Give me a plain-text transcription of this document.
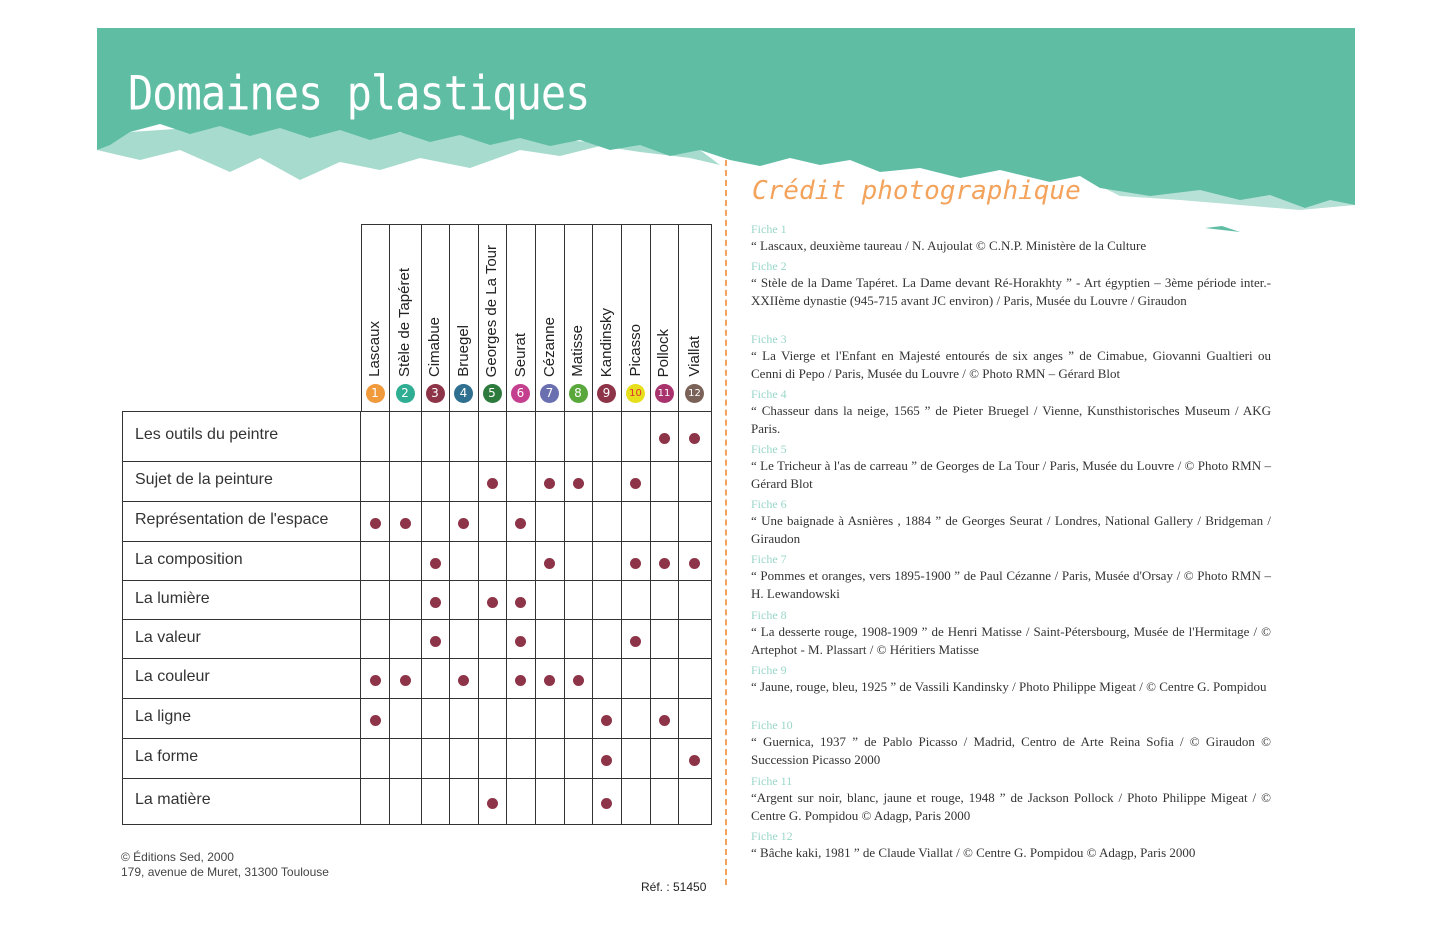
Domaines plastiques
Lascaux
1
Stèle de Tapéret
2
Cimabue
3
Bruegel
4
Georges de La Tour
5
Seurat
6
Cézanne
7
Matisse
8
Kandinsky
9
Picasso
10
Pollock
11
Viallat
12
Les outils du peintre
Sujet de la peinture
Représentation de l'espace
La composition
La lumière
La valeur
La couleur
La ligne
La forme
La matière
© Éditions Sed, 2000
179, avenue de Muret, 31300 Toulouse
Réf. : 51450
Crédit photographique
Fiche 1
“ Lascaux, deuxième taureau / N. Aujoulat © C.N.P. Ministère de la Culture
Fiche 2
“ Stèle de la Dame Tapéret. La Dame devant Ré-Horakhty ” - Art égyptien – 3ème période inter.-XXIIème dynastie (945-715 avant JC environ) / Paris, Musée du Louvre / Giraudon
Fiche 3
“ La Vierge et l'Enfant en Majesté entourés de six anges ” de Cimabue, Giovanni Gualtieri ou Cenni di Pepo / Paris, Musée du Louvre / © Photo RMN – Gérard Blot
Fiche 4
“ Chasseur dans la neige, 1565 ” de Pieter Bruegel / Vienne, Kunsthistorisches Museum / AKG Paris.
Fiche 5
“ Le Tricheur à l'as de carreau ” de Georges de La Tour / Paris, Musée du Louvre / © Photo RMN – Gérard Blot
Fiche 6
“ Une baignade à Asnières , 1884 ” de Georges Seurat / Londres, National Gallery / Bridgeman / Giraudon
Fiche 7
“ Pommes et oranges, vers 1895-1900 ” de Paul Cézanne / Paris, Musée d'Orsay / © Photo RMN – H. Lewandowski
Fiche 8
“ La desserte rouge, 1908-1909 ” de Henri Matisse / Saint-Pétersbourg, Musée de l'Hermitage / © Artephot - M. Plassart / © Héritiers Matisse
Fiche 9
“ Jaune, rouge, bleu, 1925 ” de Vassili Kandinsky / Photo Philippe Migeat / © Centre G. Pompidou
Fiche 10
“ Guernica, 1937 ” de Pablo Picasso / Madrid, Centro de Arte Reina Sofia / © Giraudon © Succession Picasso 2000
Fiche 11
“Argent sur noir, blanc, jaune et rouge, 1948 ” de Jackson Pollock / Photo Philippe Migeat / © Centre G. Pompidou © Adagp, Paris 2000
Fiche 12
“ Bâche kaki, 1981 ” de Claude Viallat / © Centre G. Pompidou © Adagp, Paris 2000
